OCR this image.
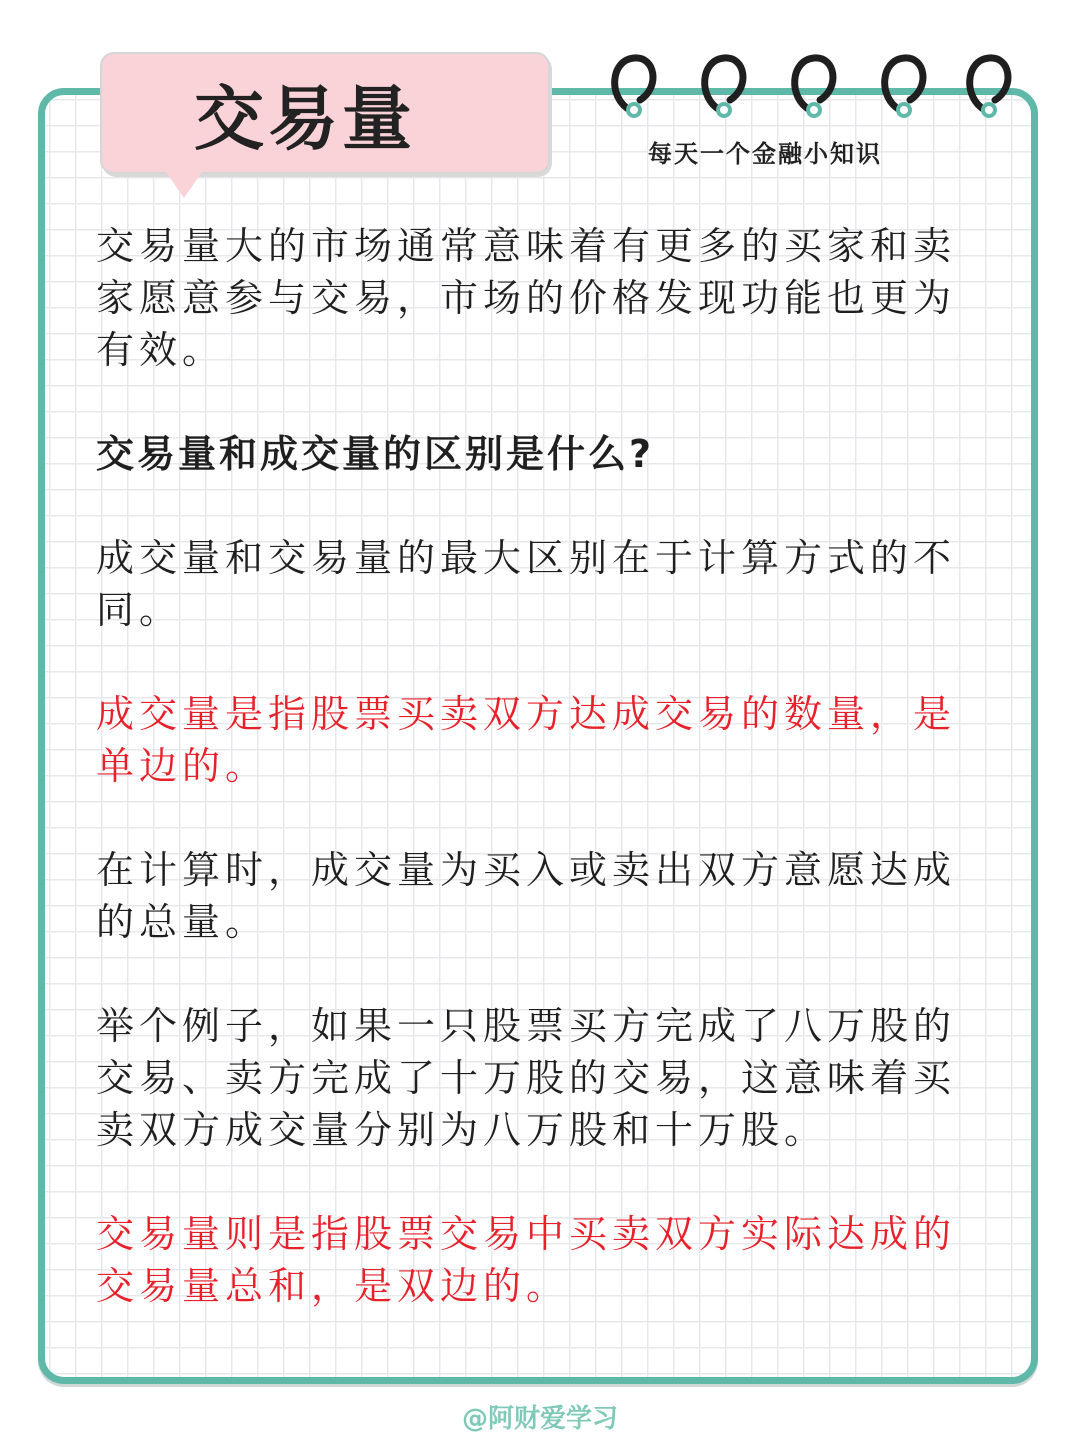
交易量	每天一个金融小知识

交易量大的市场通常意味着有更多的买家和卖家愿意参与交易，市场的价格发现功能也更为有效。

交易量和成交量的区别是什么?

成交量和交易量的最大区别在于计算方式的不同。

成交量是指股票买卖双方达成交易的数量，是单边的。

在计算时，成交量为买入或卖出双方意愿达成的总量。

举个例子，如果一只股票买方完成了八万股的交易、卖方完成了十万股的交易，这意味着买卖双方成交量分别为八万股和十万股。

交易量则是指股票交易中买卖双方实际达成的交易量总和，是双边的。

@阿财爱学习
